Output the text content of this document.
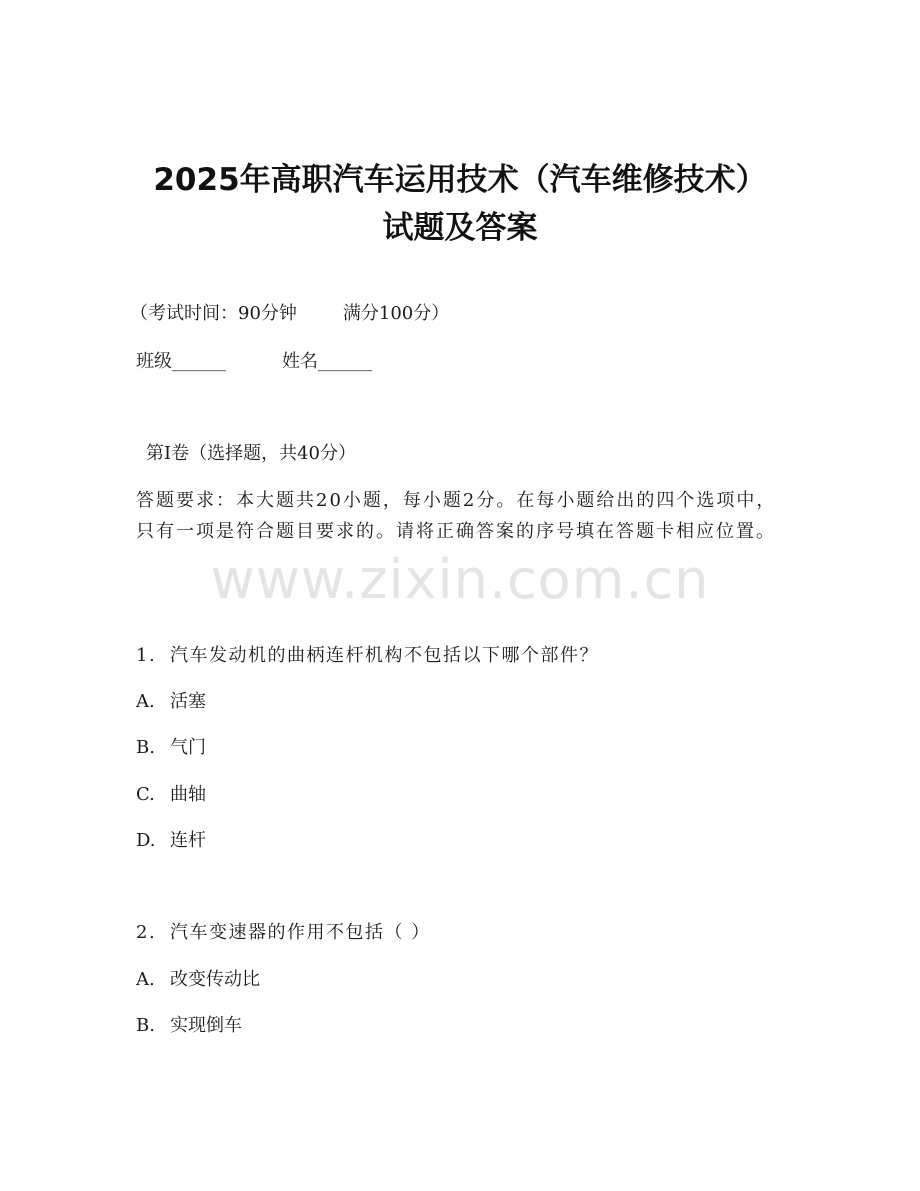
2025年高职汽车运用技术（汽车维修技术）
试题及答案
（考试时间：90分钟	满分100分）
班级______	姓名______
第I卷（选择题，共40分）
答题要求：本大题共20小题，每小题2分。在每小题给出的四个选项中，只有一项是符合题目要求的。请将正确答案的序号填在答题卡相应位置。
www.zixin.com.cn
1. 汽车发动机的曲柄连杆机构不包括以下哪个部件？
A. 活塞
B. 气门
C. 曲轴
D. 连杆
2. 汽车变速器的作用不包括（ ）
A. 改变传动比
B. 实现倒车
